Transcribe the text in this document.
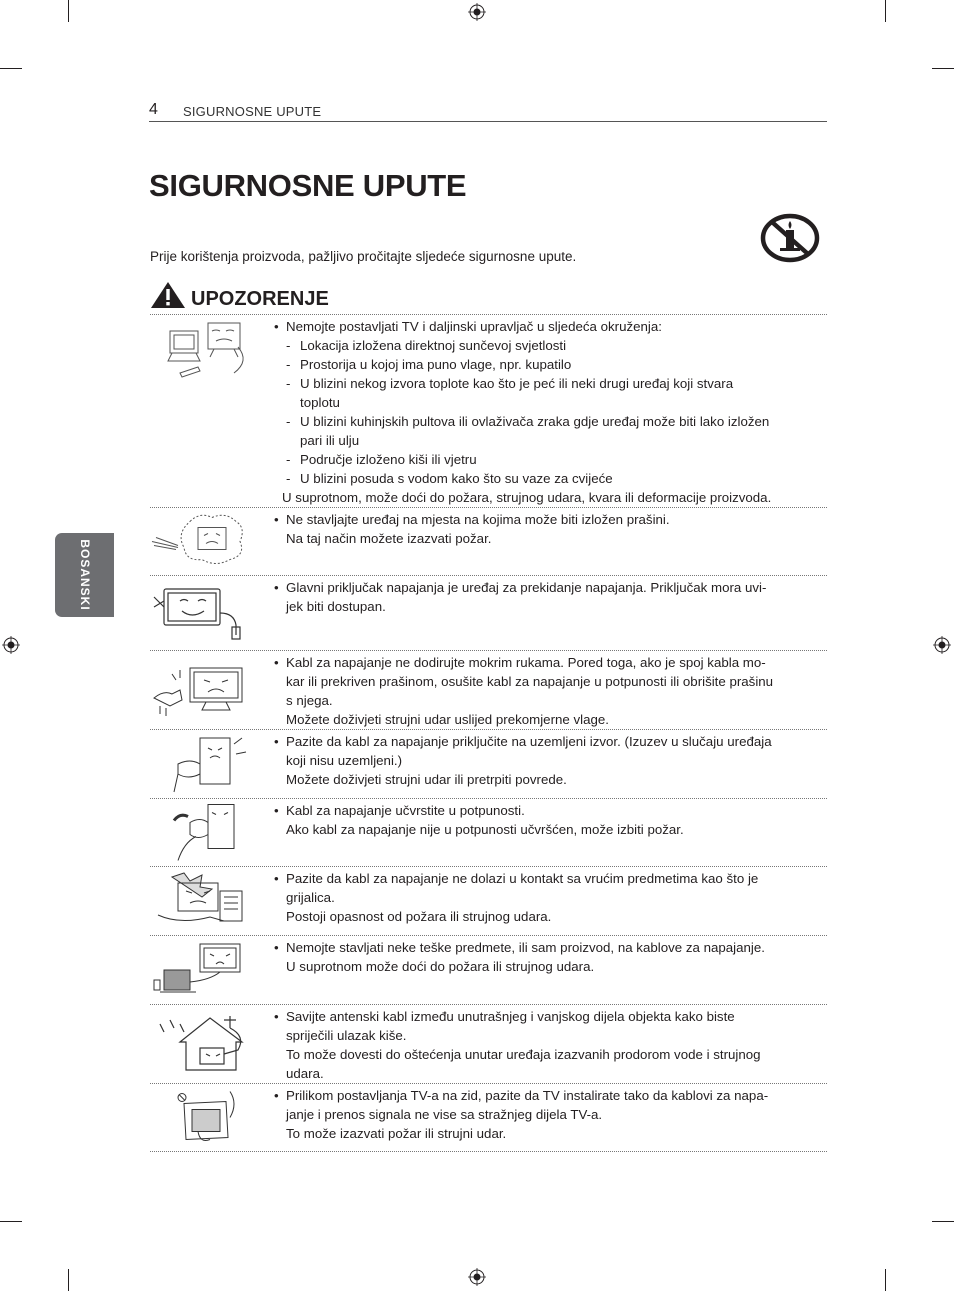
4 SIGURNOSNE UPUTE
SIGURNOSNE UPUTE
Prije korištenja proizvoda, pažljivo pročitajte sljedeće sigurnosne upute.
BOSANSKI
UPOZORENJE
• Nemojte postavljati TV i daljinski upravljač u sljedeća okruženja:
- Lokacija izložena direktnoj sunčevoj svjetlosti
- Prostorija u kojoj ima puno vlage, npr. kupatilo
- U blizini nekog izvora toplote kao što je peć ili neki drugi uređaj koji stvara
toplotu
- U blizini kuhinjskih pultova ili ovlaživača zraka gdje uređaj može biti lako izložen
pari ili ulju
- Područje izloženo kiši ili vjetru
- U blizini posuda s vodom kako što su vaze za cvijeće
U suprotnom, može doći do požara, strujnog udara, kvara ili deformacije proizvoda.
• Ne stavljajte uređaj na mjesta na kojima može biti izložen prašini.
Na taj način možete izazvati požar.
• Glavni priključak napajanja je uređaj za prekidanje napajanja. Priključak mora uvi-
jek biti dostupan.
• Kabl za napajanje ne dodirujte mokrim rukama. Pored toga, ako je spoj kabla mo-
kar ili prekriven prašinom, osušite kabl za napajanje u potpunosti ili obrišite prašinu
s njega.
Možete doživjeti strujni udar uslijed prekomjerne vlage.
• Pazite da kabl za napajanje priključite na uzemljeni izvor. (Izuzev u slučaju uređaja
koji nisu uzemljeni.)
Možete doživjeti strujni udar ili pretrpiti povrede.
• Kabl za napajanje učvrstite u potpunosti.
Ako kabl za napajanje nije u potpunosti učvršćen, može izbiti požar.
• Pazite da kabl za napajanje ne dolazi u kontakt sa vrućim predmetima kao što je
grijalica.
Postoji opasnost od požara ili strujnog udara.
• Nemojte stavljati neke teške predmete, ili sam proizvod, na kablove za napajanje.
U suprotnom može doći do požara ili strujnog udara.
• Savijte antenski kabl između unutrašnjeg i vanjskog dijela objekta kako biste
spriječili ulazak kiše.
To može dovesti do oštećenja unutar uređaja izazvanih prodorom vode i strujnog
udara.
• Prilikom postavljanja TV-a na zid, pazite da TV instalirate tako da kablovi za napa-
janje i prenos signala ne vise sa stražnjeg dijela TV-a.
To može izazvati požar ili strujni udar.
